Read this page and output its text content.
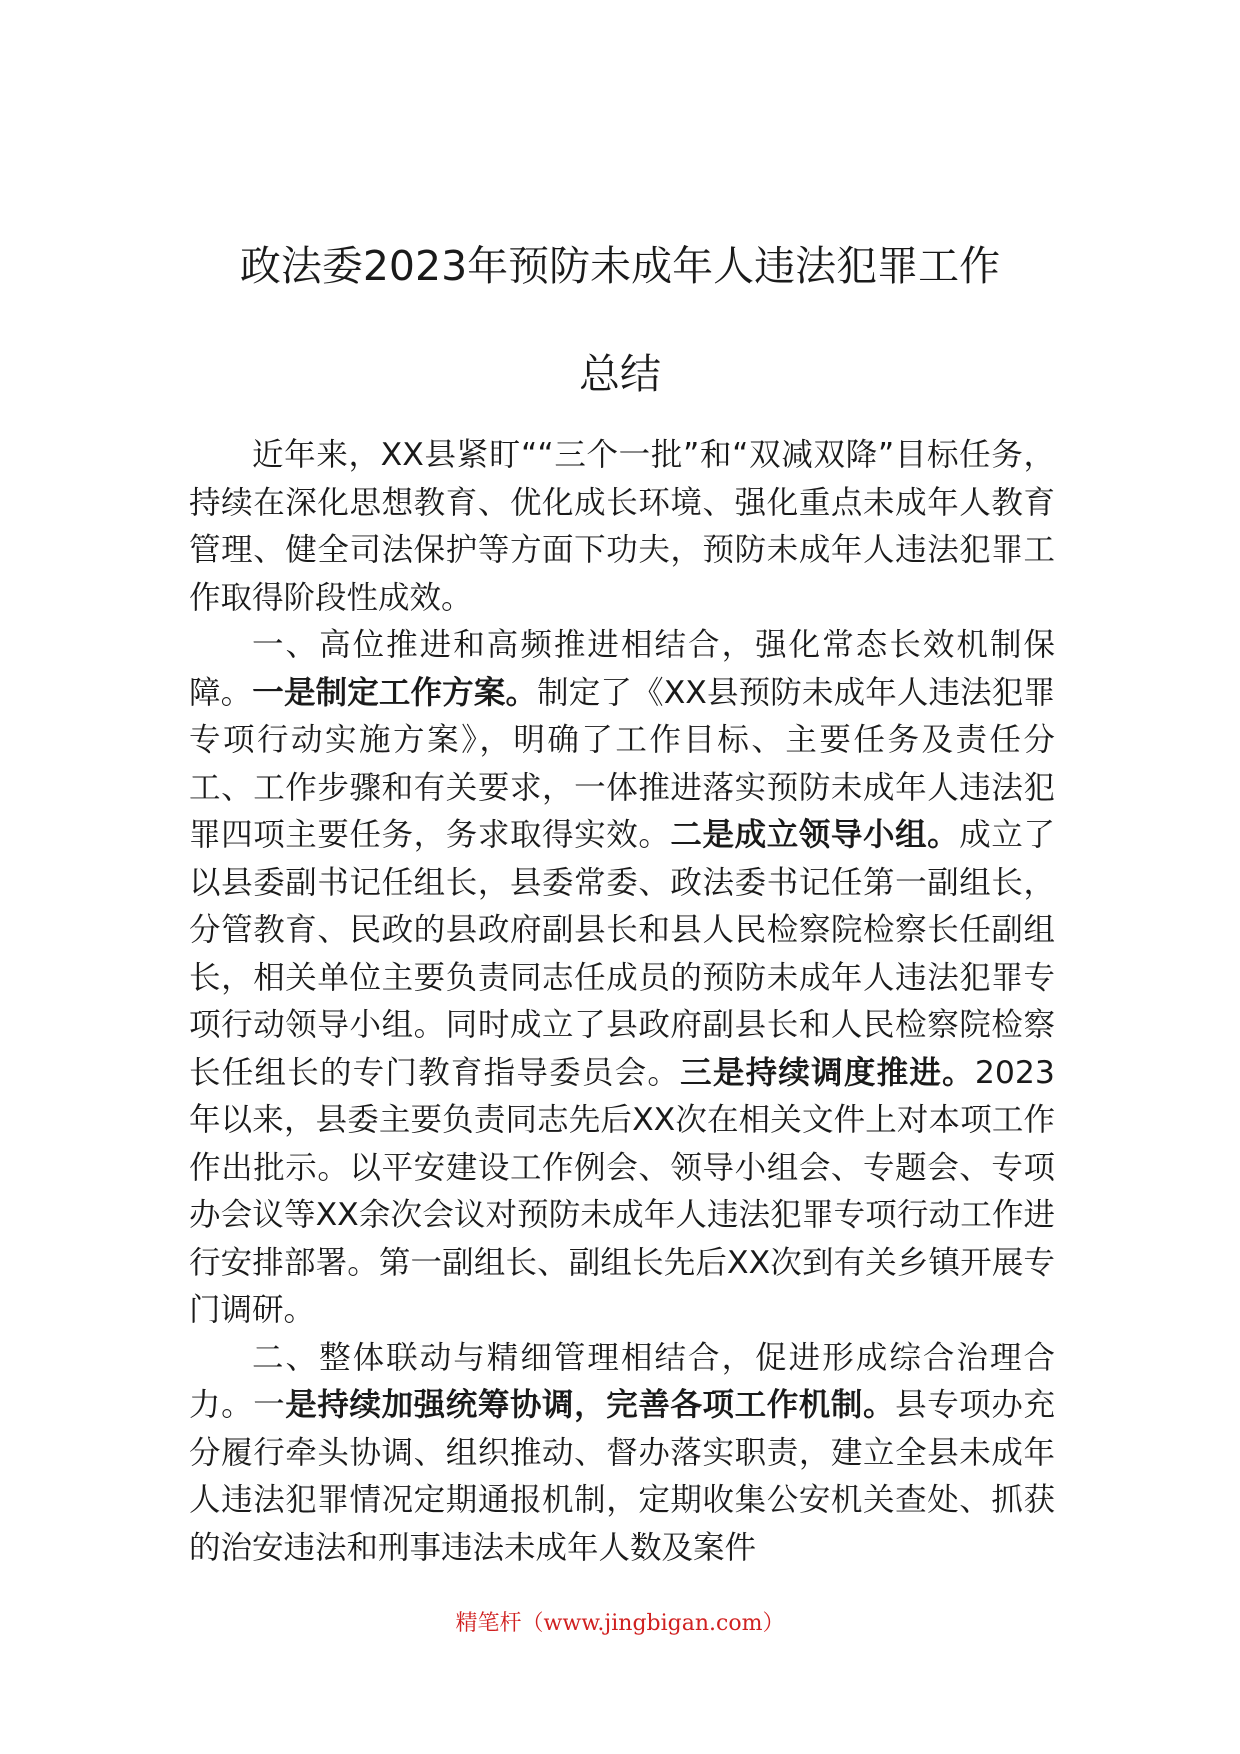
政法委2023年预防未成年人违法犯罪工作
总结

近年来，XX县紧盯““三个一批”和“双减双降”目标任务，持续在深化思想教育、优化成长环境、强化重点未成年人教育管理、健全司法保护等方面下功夫，预防未成年人违法犯罪工作取得阶段性成效。

一、高位推进和高频推进相结合，强化常态长效机制保障。一是制定工作方案。制定了《XX县预防未成年人违法犯罪专项行动实施方案》，明确了工作目标、主要任务及责任分工、工作步骤和有关要求，一体推进落实预防未成年人违法犯罪四项主要任务，务求取得实效。二是成立领导小组。成立了以县委副书记任组长，县委常委、政法委书记任第一副组长，分管教育、民政的县政府副县长和县人民检察院检察长任副组长，相关单位主要负责同志任成员的预防未成年人违法犯罪专项行动领导小组。同时成立了县政府副县长和人民检察院检察长任组长的专门教育指导委员会。三是持续调度推进。2023年以来，县委主要负责同志先后XX次在相关文件上对本项工作作出批示。以平安建设工作例会、领导小组会、专题会、专项办会议等XX余次会议对预防未成年人违法犯罪专项行动工作进行安排部署。第一副组长、副组长先后XX次到有关乡镇开展专门调研。

二、整体联动与精细管理相结合，促进形成综合治理合力。一是持续加强统筹协调，完善各项工作机制。县专项办充分履行牵头协调、组织推动、督办落实职责，建立全县未成年人违法犯罪情况定期通报机制，定期收集公安机关查处、抓获的治安违法和刑事违法未成年人数及案件

精笔杆（www.jingbigan.com）
